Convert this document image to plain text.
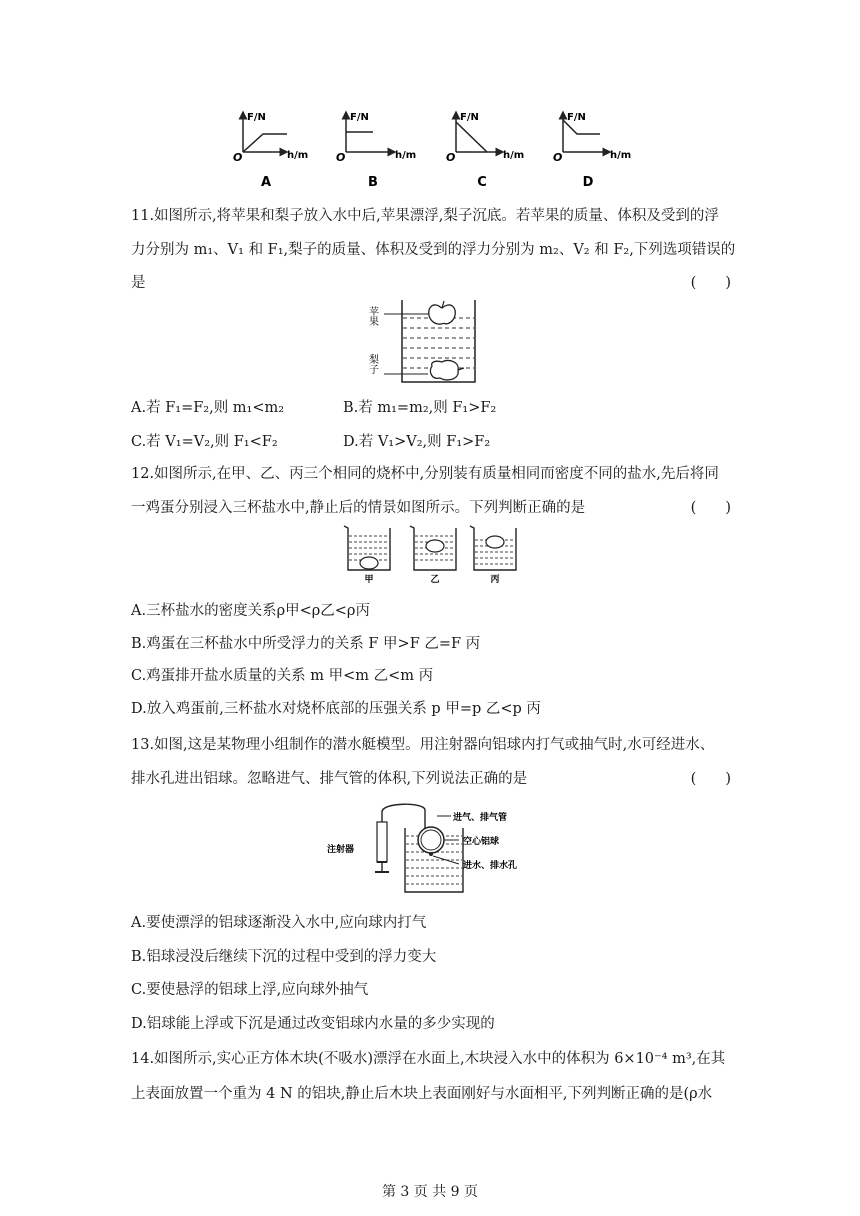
F/N
h/m
O
F/N
h/m
O
F/N
h/m
O
F/N
h/m
O
A	B	C	D
11.如图所示,将苹果和梨子放入水中后,苹果漂浮,梨子沉底。若苹果的质量、体积及受到的浮
力分别为 m₁、V₁ 和 F₁,梨子的质量、体积及受到的浮力分别为 m₂、V₂ 和 F₂,下列选项错误的
是	(　　)
苹果
梨子
A.若 F₁=F₂,则 m₁<m₂	B.若 m₁=m₂,则 F₁>F₂
C.若 V₁=V₂,则 F₁<F₂	D.若 V₁>V₂,则 F₁>F₂
12.如图所示,在甲、乙、丙三个相同的烧杯中,分别装有质量相同而密度不同的盐水,先后将同
一鸡蛋分别浸入三杯盐水中,静止后的情景如图所示。下列判断正确的是	(　　)
甲	乙	丙
A.三杯盐水的密度关系ρ甲<ρ乙<ρ丙
B.鸡蛋在三杯盐水中所受浮力的关系 F 甲>F 乙=F 丙
C.鸡蛋排开盐水质量的关系 m 甲<m 乙<m 丙
D.放入鸡蛋前,三杯盐水对烧杯底部的压强关系 p 甲=p 乙<p 丙
13.如图,这是某物理小组制作的潜水艇模型。用注射器向铝球内打气或抽气时,水可经进水、
排水孔进出铝球。忽略进气、排气管的体积,下列说法正确的是	(　　)
注射器
进气、排气管
空心铝球
进水、排水孔
A.要使漂浮的铝球逐渐没入水中,应向球内打气
B.铝球浸没后继续下沉的过程中受到的浮力变大
C.要使悬浮的铝球上浮,应向球外抽气
D.铝球能上浮或下沉是通过改变铝球内水量的多少实现的
14.如图所示,实心正方体木块(不吸水)漂浮在水面上,木块浸入水中的体积为 6×10⁻⁴ m³,在其
上表面放置一个重为 4 N 的铝块,静止后木块上表面刚好与水面相平,下列判断正确的是(ρ水
第 3 页 共 9 页
